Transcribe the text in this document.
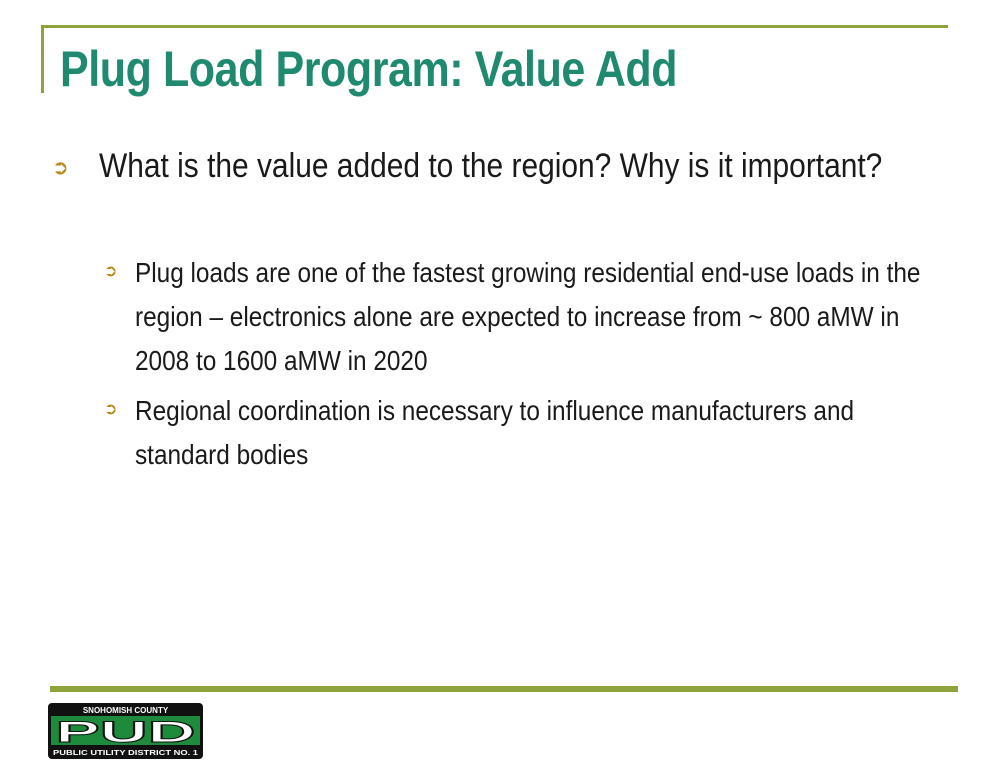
Plug Load Program: Value Add
➲ What is the value added to the region? Why is it important?
➲ Plug loads are one of the fastest growing residential end-use loads in the region – electronics alone are expected to increase from ~ 800 aMW in 2008 to 1600 aMW in 2020
➲ Regional coordination is necessary to influence manufacturers and standard bodies
SNOHOMISH COUNTY
PUD
PUBLIC UTILITY DISTRICT NO. 1
